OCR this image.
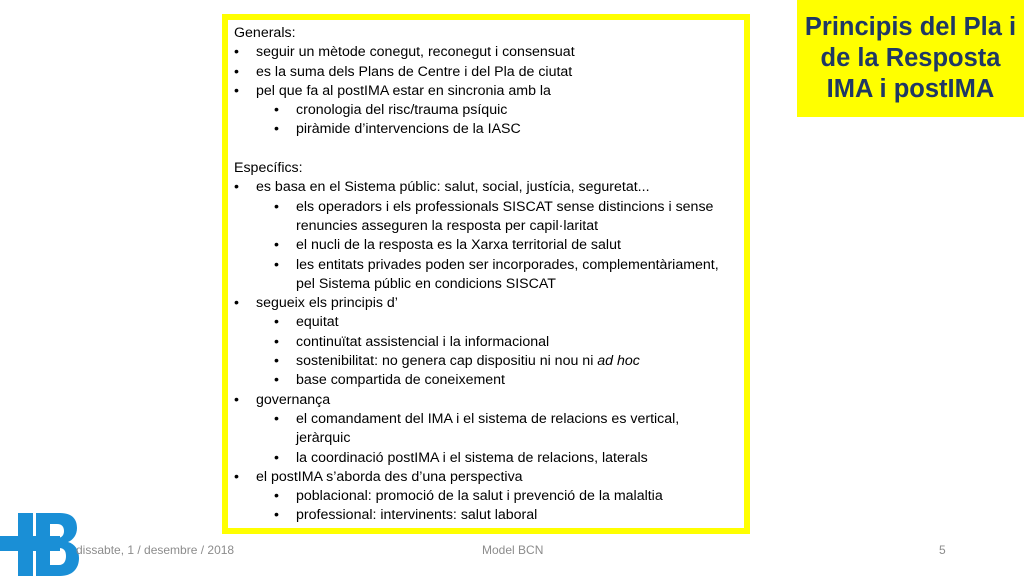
Generals:
• seguir un mètode conegut, reconegut i consensuat
• es la suma dels Plans de Centre i del Pla de ciutat
• pel que fa al postIMA estar en sincronia amb la
• cronologia del risc/trauma psíquic
• piràmide d’intervencions de la IASC
Específics:
• es basa en el Sistema públic: salut, social, justícia, seguretat...
• els operadors i els professionals SISCAT sense distincions i sense
renuncies asseguren la resposta per capil·laritat
• el nucli de la resposta es la Xarxa territorial de salut
• les entitats privades poden ser incorporades, complementàriament,
pel Sistema públic en condicions SISCAT
• segueix els principis d’
• equitat
• continuïtat assistencial i la informacional
• sostenibilitat: no genera cap dispositiu ni nou ni ad hoc
• base compartida de coneixement
• governança
• el comandament del IMA i el sistema de relacions es vertical,
jeràrquic
• la coordinació postIMA i el sistema de relacions, laterals
• el postIMA s’aborda des d’una perspectiva
• poblacional: promoció de la salut i prevenció de la malaltia
• professional: intervinents: salut laboral
Principis del Pla i
de la Resposta
IMA i postIMA
dissabte, 1 / desembre / 2018	Model BCN	5
